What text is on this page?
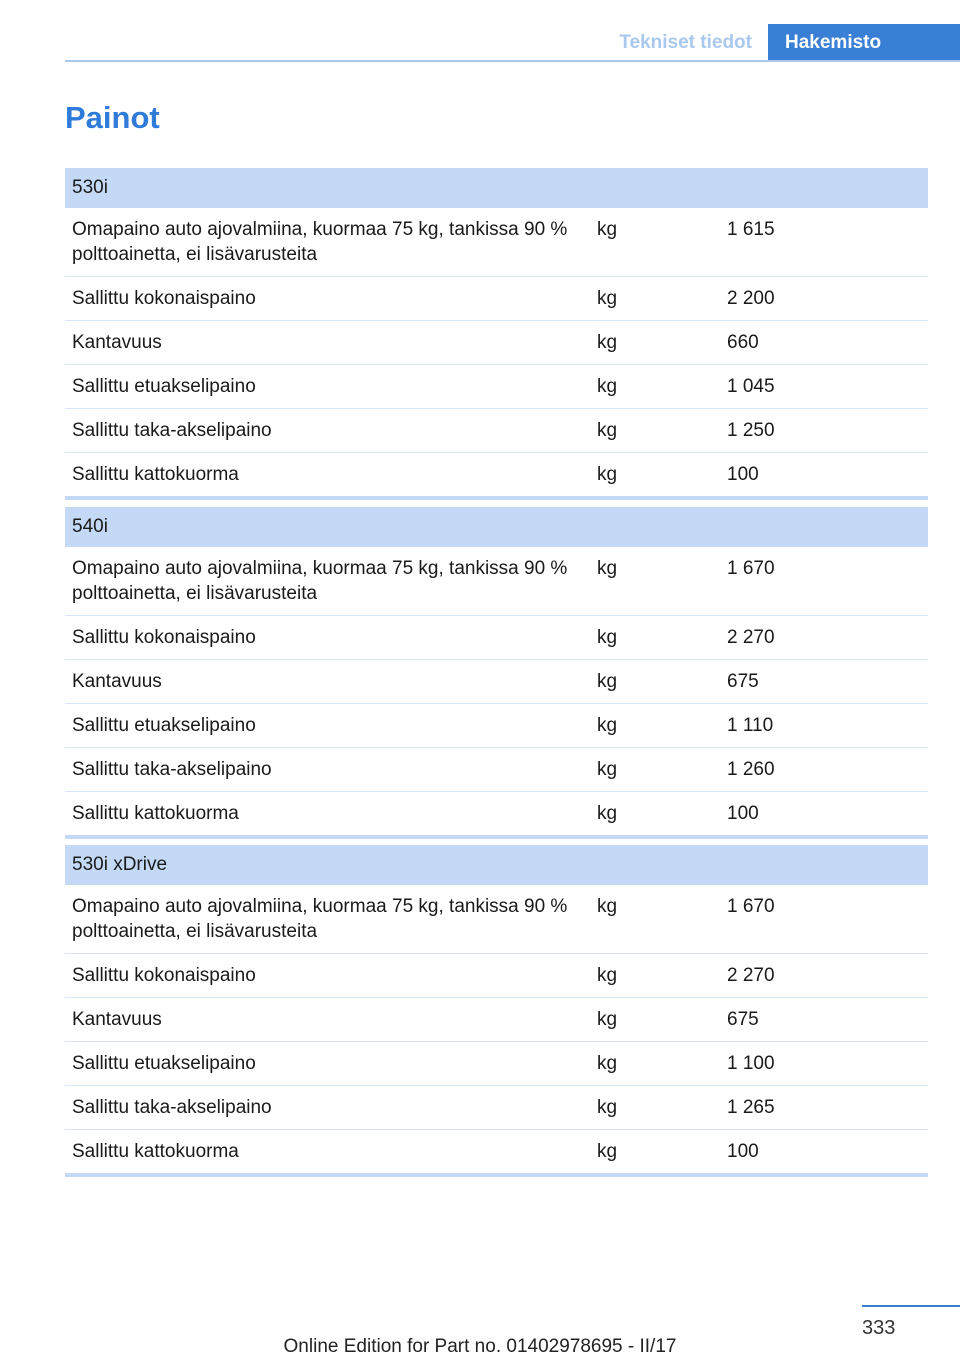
Tekniset tiedot	Hakemisto
Painot
530i		
Omapaino auto ajovalmiina, kuormaa 75 kg, tankissa 90 % polttoainetta, ei lisävarusteita	kg	1 615
Sallittu kokonaispaino	kg	2 200
Kantavuus	kg	660
Sallittu etuakselipaino	kg	1 045
Sallittu taka-akselipaino	kg	1 250
Sallittu kattokuorma	kg	100
540i		
Omapaino auto ajovalmiina, kuormaa 75 kg, tankissa 90 % polttoainetta, ei lisävarusteita	kg	1 670
Sallittu kokonaispaino	kg	2 270
Kantavuus	kg	675
Sallittu etuakselipaino	kg	1 110
Sallittu taka-akselipaino	kg	1 260
Sallittu kattokuorma	kg	100
530i xDrive		
Omapaino auto ajovalmiina, kuormaa 75 kg, tankissa 90 % polttoainetta, ei lisävarusteita	kg	1 670
Sallittu kokonaispaino	kg	2 270
Kantavuus	kg	675
Sallittu etuakselipaino	kg	1 100
Sallittu taka-akselipaino	kg	1 265
Sallittu kattokuorma	kg	100
333
Online Edition for Part no. 01402978695 - II/17
